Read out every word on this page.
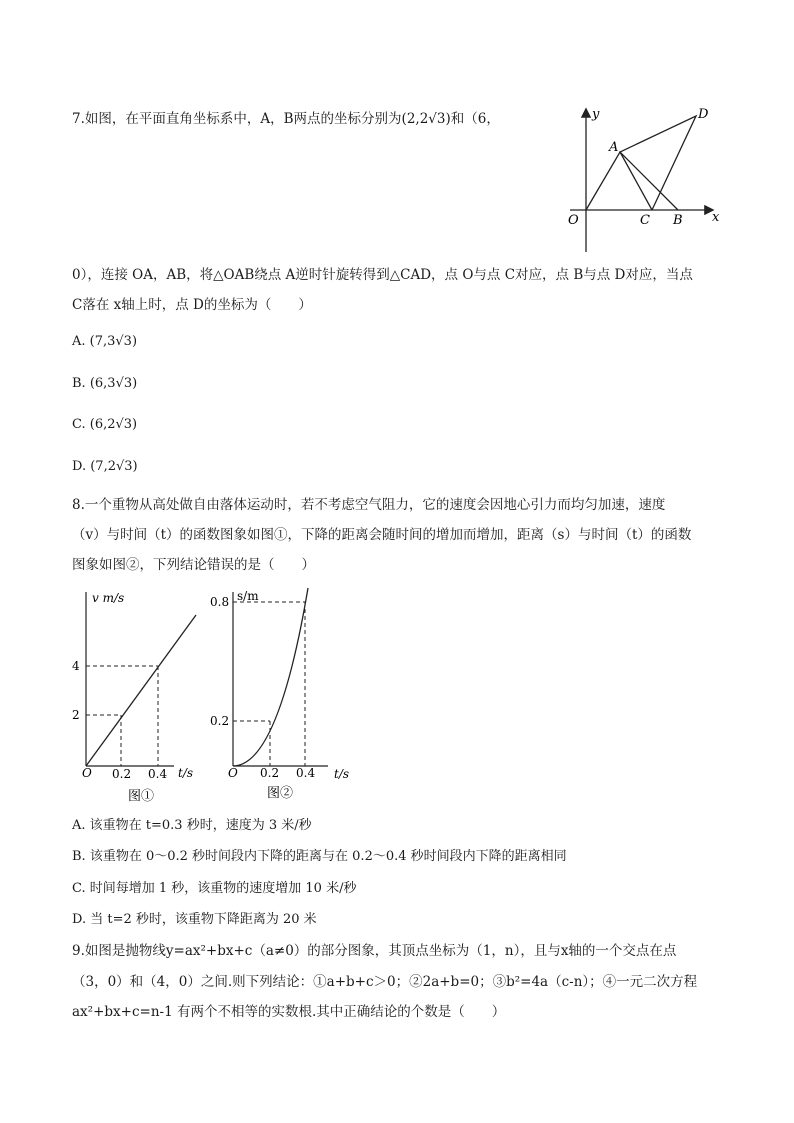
7.如图，在平面直角坐标系中，A，B两点的坐标分别为(2,2√3)和（6，	y
x
O
A
C B
D
0），连接 OA，AB，将△OAB绕点 A逆时针旋转得到△CAD，点 O与点 C对应，点 B与点 D对应，当点
C落在 x轴上时，点 D的坐标为（　　）
A. (7,3√3)
B. (6,3√3)
C. (6,2√3)
D. (7,2√3)
8.一个重物从高处做自由落体运动时，若不考虑空气阻力，它的速度会因地心引力而均匀加速，速度
（v）与时间（t）的函数图象如图①，下降的距离会随时间的增加而增加，距离（s）与时间（t）的函数
图象如图②，下列结论错误的是（　　）
v m/s
4
2
O 0.2 0.4 t/s
图①
s/m
0.8
0.2
O 0.2 0.4 t/s
图②
A. 该重物在 t=0.3 秒时，速度为 3 米/秒
B. 该重物在 0～0.2 秒时间段内下降的距离与在 0.2～0.4 秒时间段内下降的距离相同
C. 时间每增加 1 秒，该重物的速度增加 10 米/秒
D. 当 t=2 秒时，该重物下降距离为 20 米
9.如图是抛物线y=ax²+bx+c（a≠0）的部分图象，其顶点坐标为（1，n），且与x轴的一个交点在点
（3，0）和（4，0）之间.则下列结论：①a+b+c＞0；②2a+b=0；③b²=4a（c-n）；④一元二次方程
ax²+bx+c=n-1 有两个不相等的实数根.其中正确结论的个数是（　　）
